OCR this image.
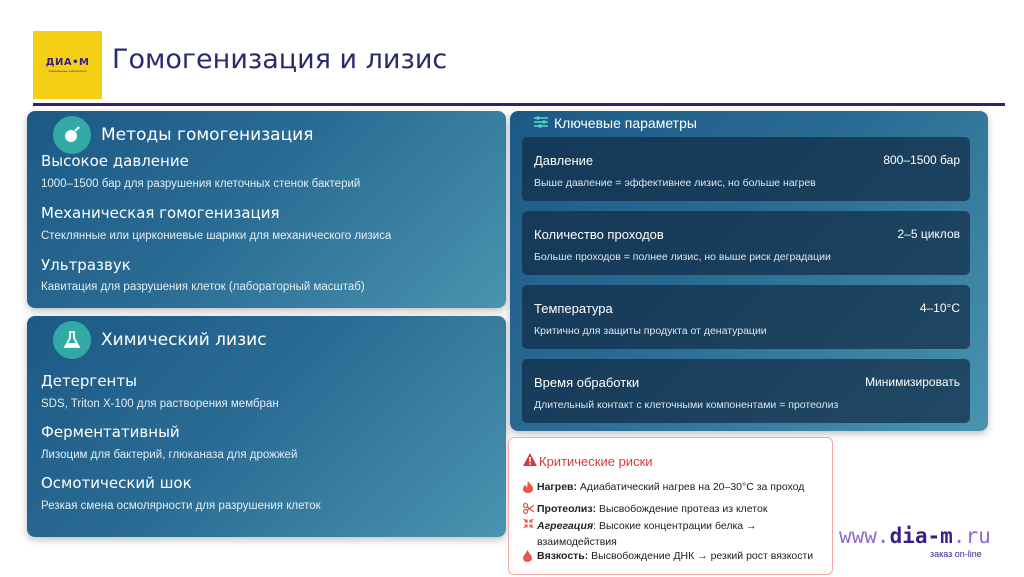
ДИА•М
современные лаборатории Гомогенизация и лизис
Методы гомогенизация
Высокое давление
1000–1500 бар для разрушения клеточных стенок бактерий
Механическая гомогенизация
Стеклянные или циркониевые шарики для механического лизиса
Ультразвук
Кавитация для разрушения клеток (лабораторный масштаб)
Химический лизис
Детергенты
SDS, Triton X-100 для растворения мембран
Ферментативный
Лизоцим для бактерий, глюканаза для дрожжей
Осмотический шок
Резкая смена осмолярности для разрушения клеток
Ключевые параметры
Давление	800–1500 бар
Выше давление = эффективнее лизис, но больше нагрев
Количество проходов	2–5 циклов
Больше проходов = полнее лизис, но выше риск деградации
Температура	4–10°C
Критично для защиты продукта от денатурации
Время обработки	Минимизировать
Длительный контакт с клеточными компонентами = протеолиз
Критические риски
Нагрев: Адиабатический нагрев на 20–30°C за проход
Протеолиз: Высвобождение протеаз из клеток
Агрегация: Высокие концентрации белка → взаимодействия
Вязкость: Высвобождение ДНК → резкий рост вязкости
www.dia-m.ru
заказ on-line
